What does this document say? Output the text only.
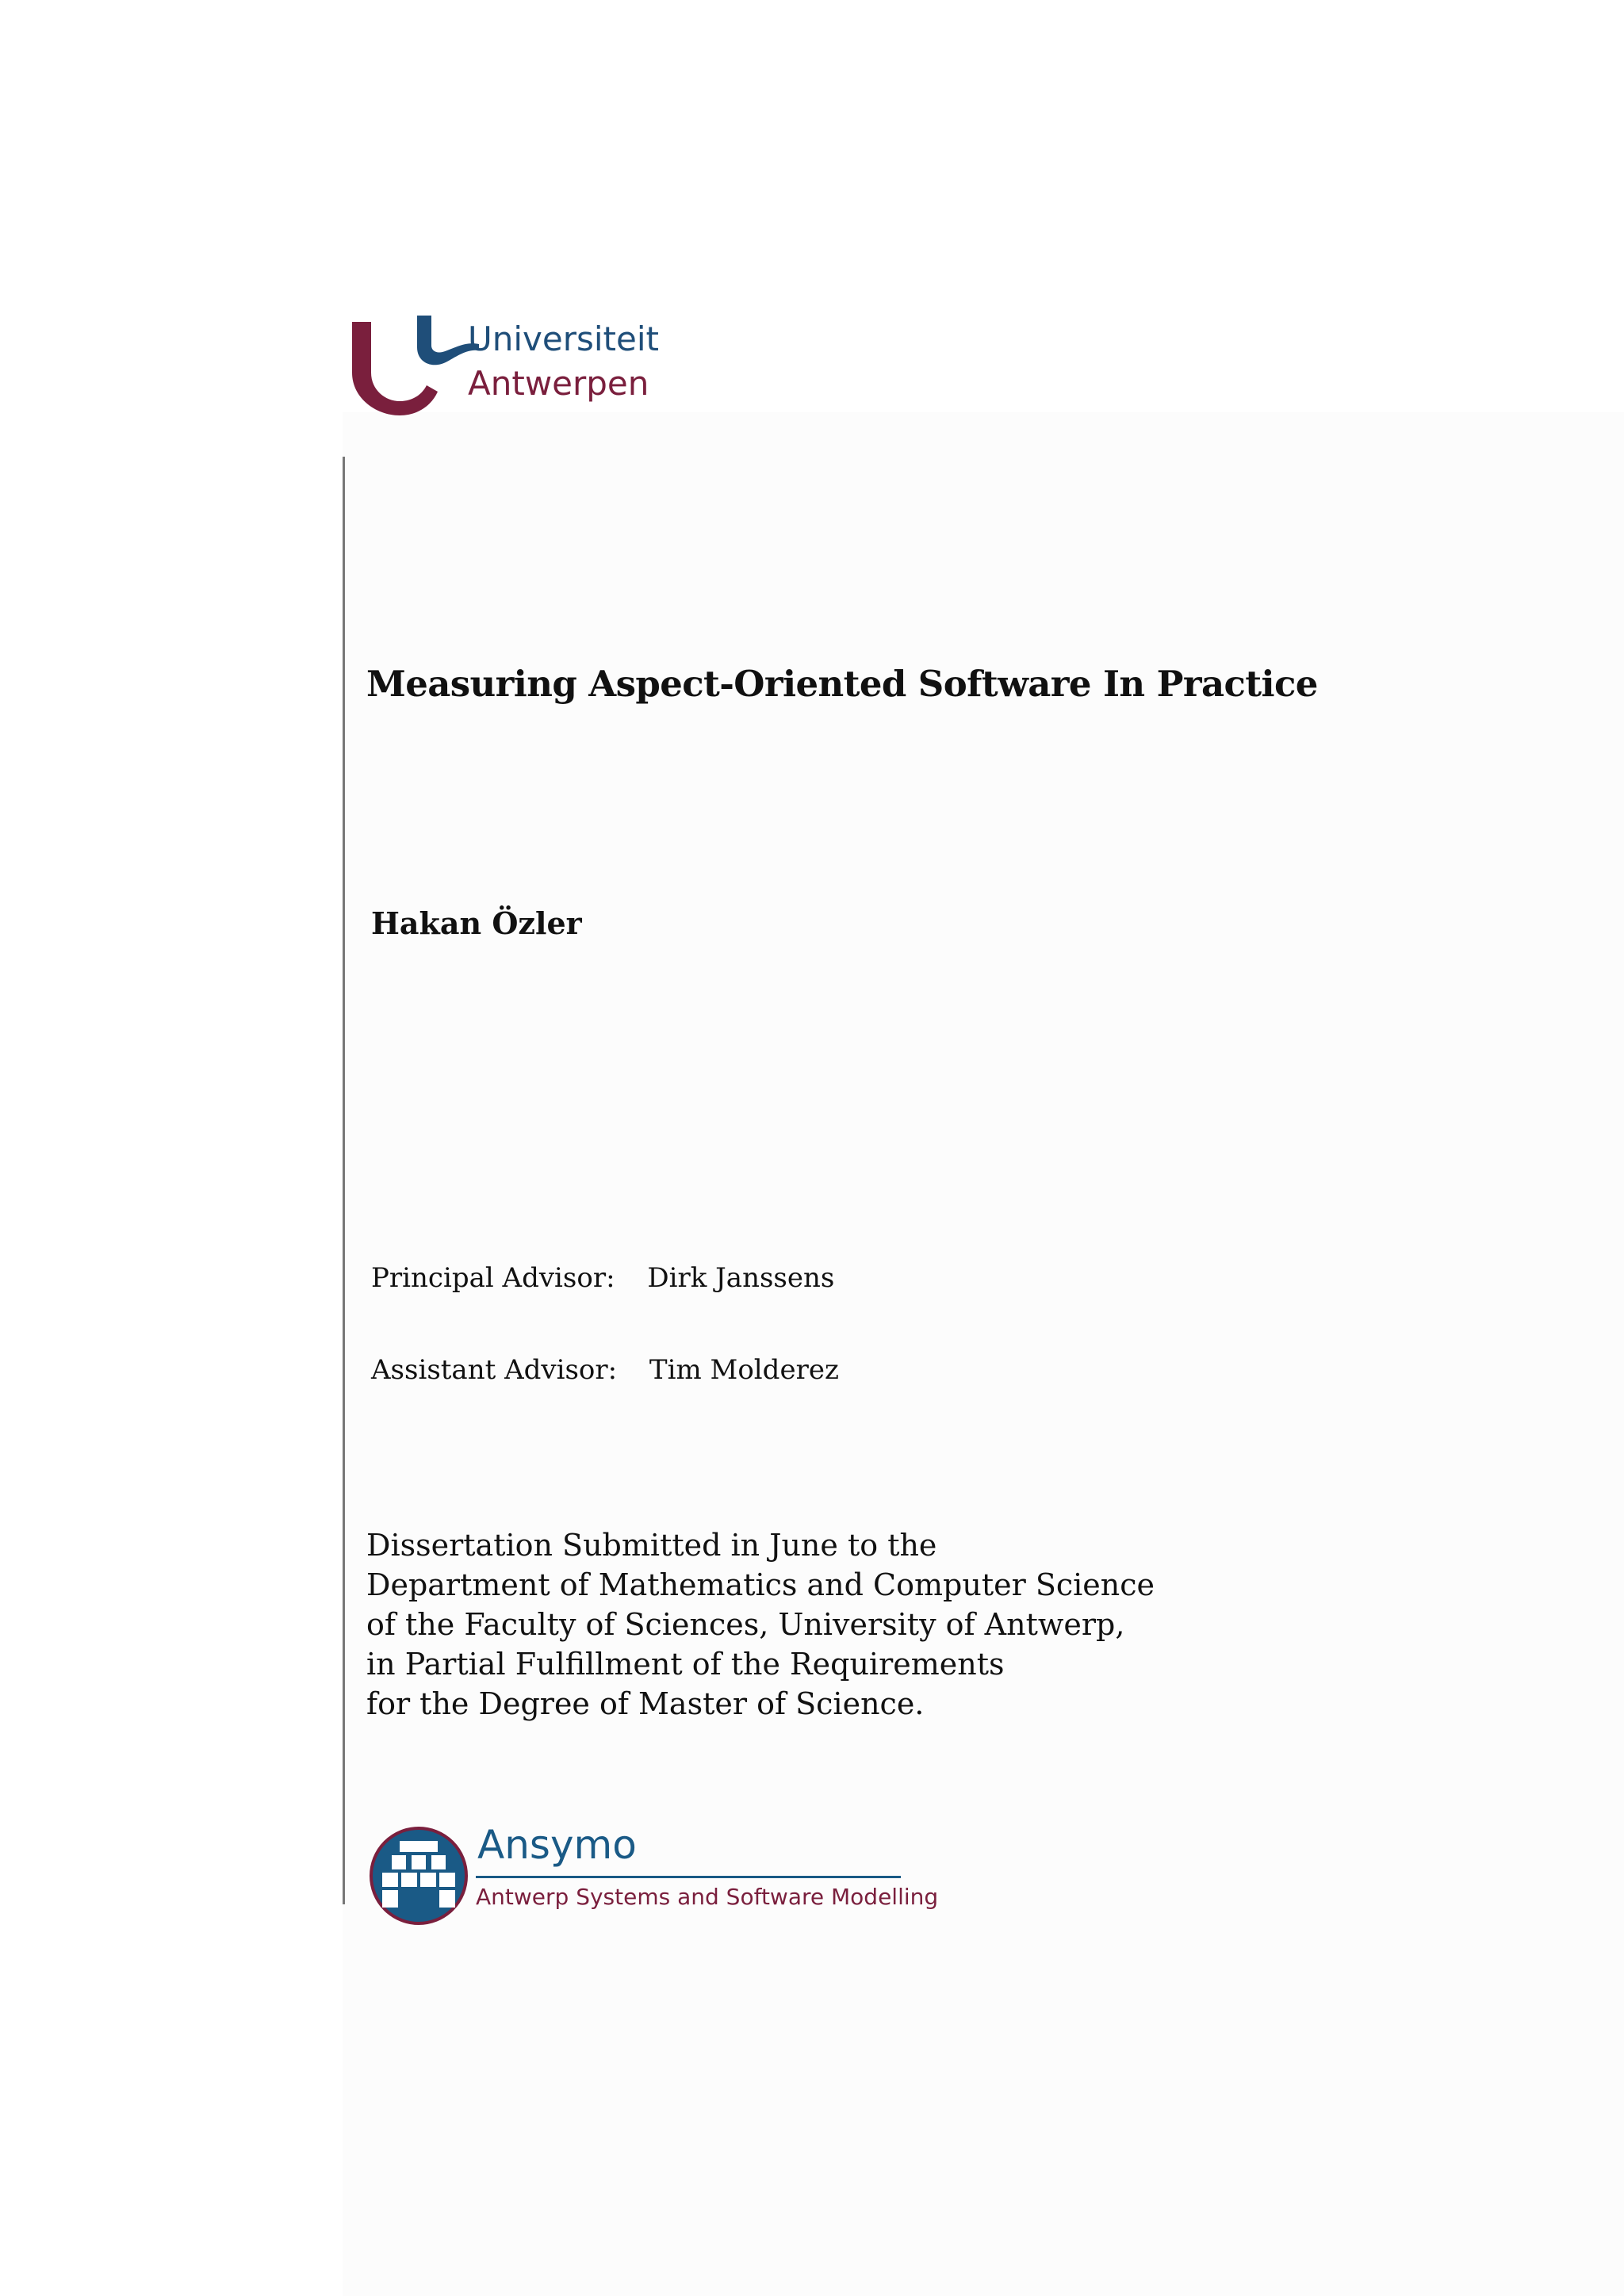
Universiteit
Antwerpen
Measuring Aspect-Oriented Software In Practice
Hakan Özler
Principal Advisor: Dirk Janssens
Assistant Advisor: Tim Molderez
Dissertation Submitted in June to the
Department of Mathematics and Computer Science
of the Faculty of Sciences, University of Antwerp,
in Partial Fulfillment of the Requirements
for the Degree of Master of Science.
Ansymo
Antwerp Systems and Software Modelling
